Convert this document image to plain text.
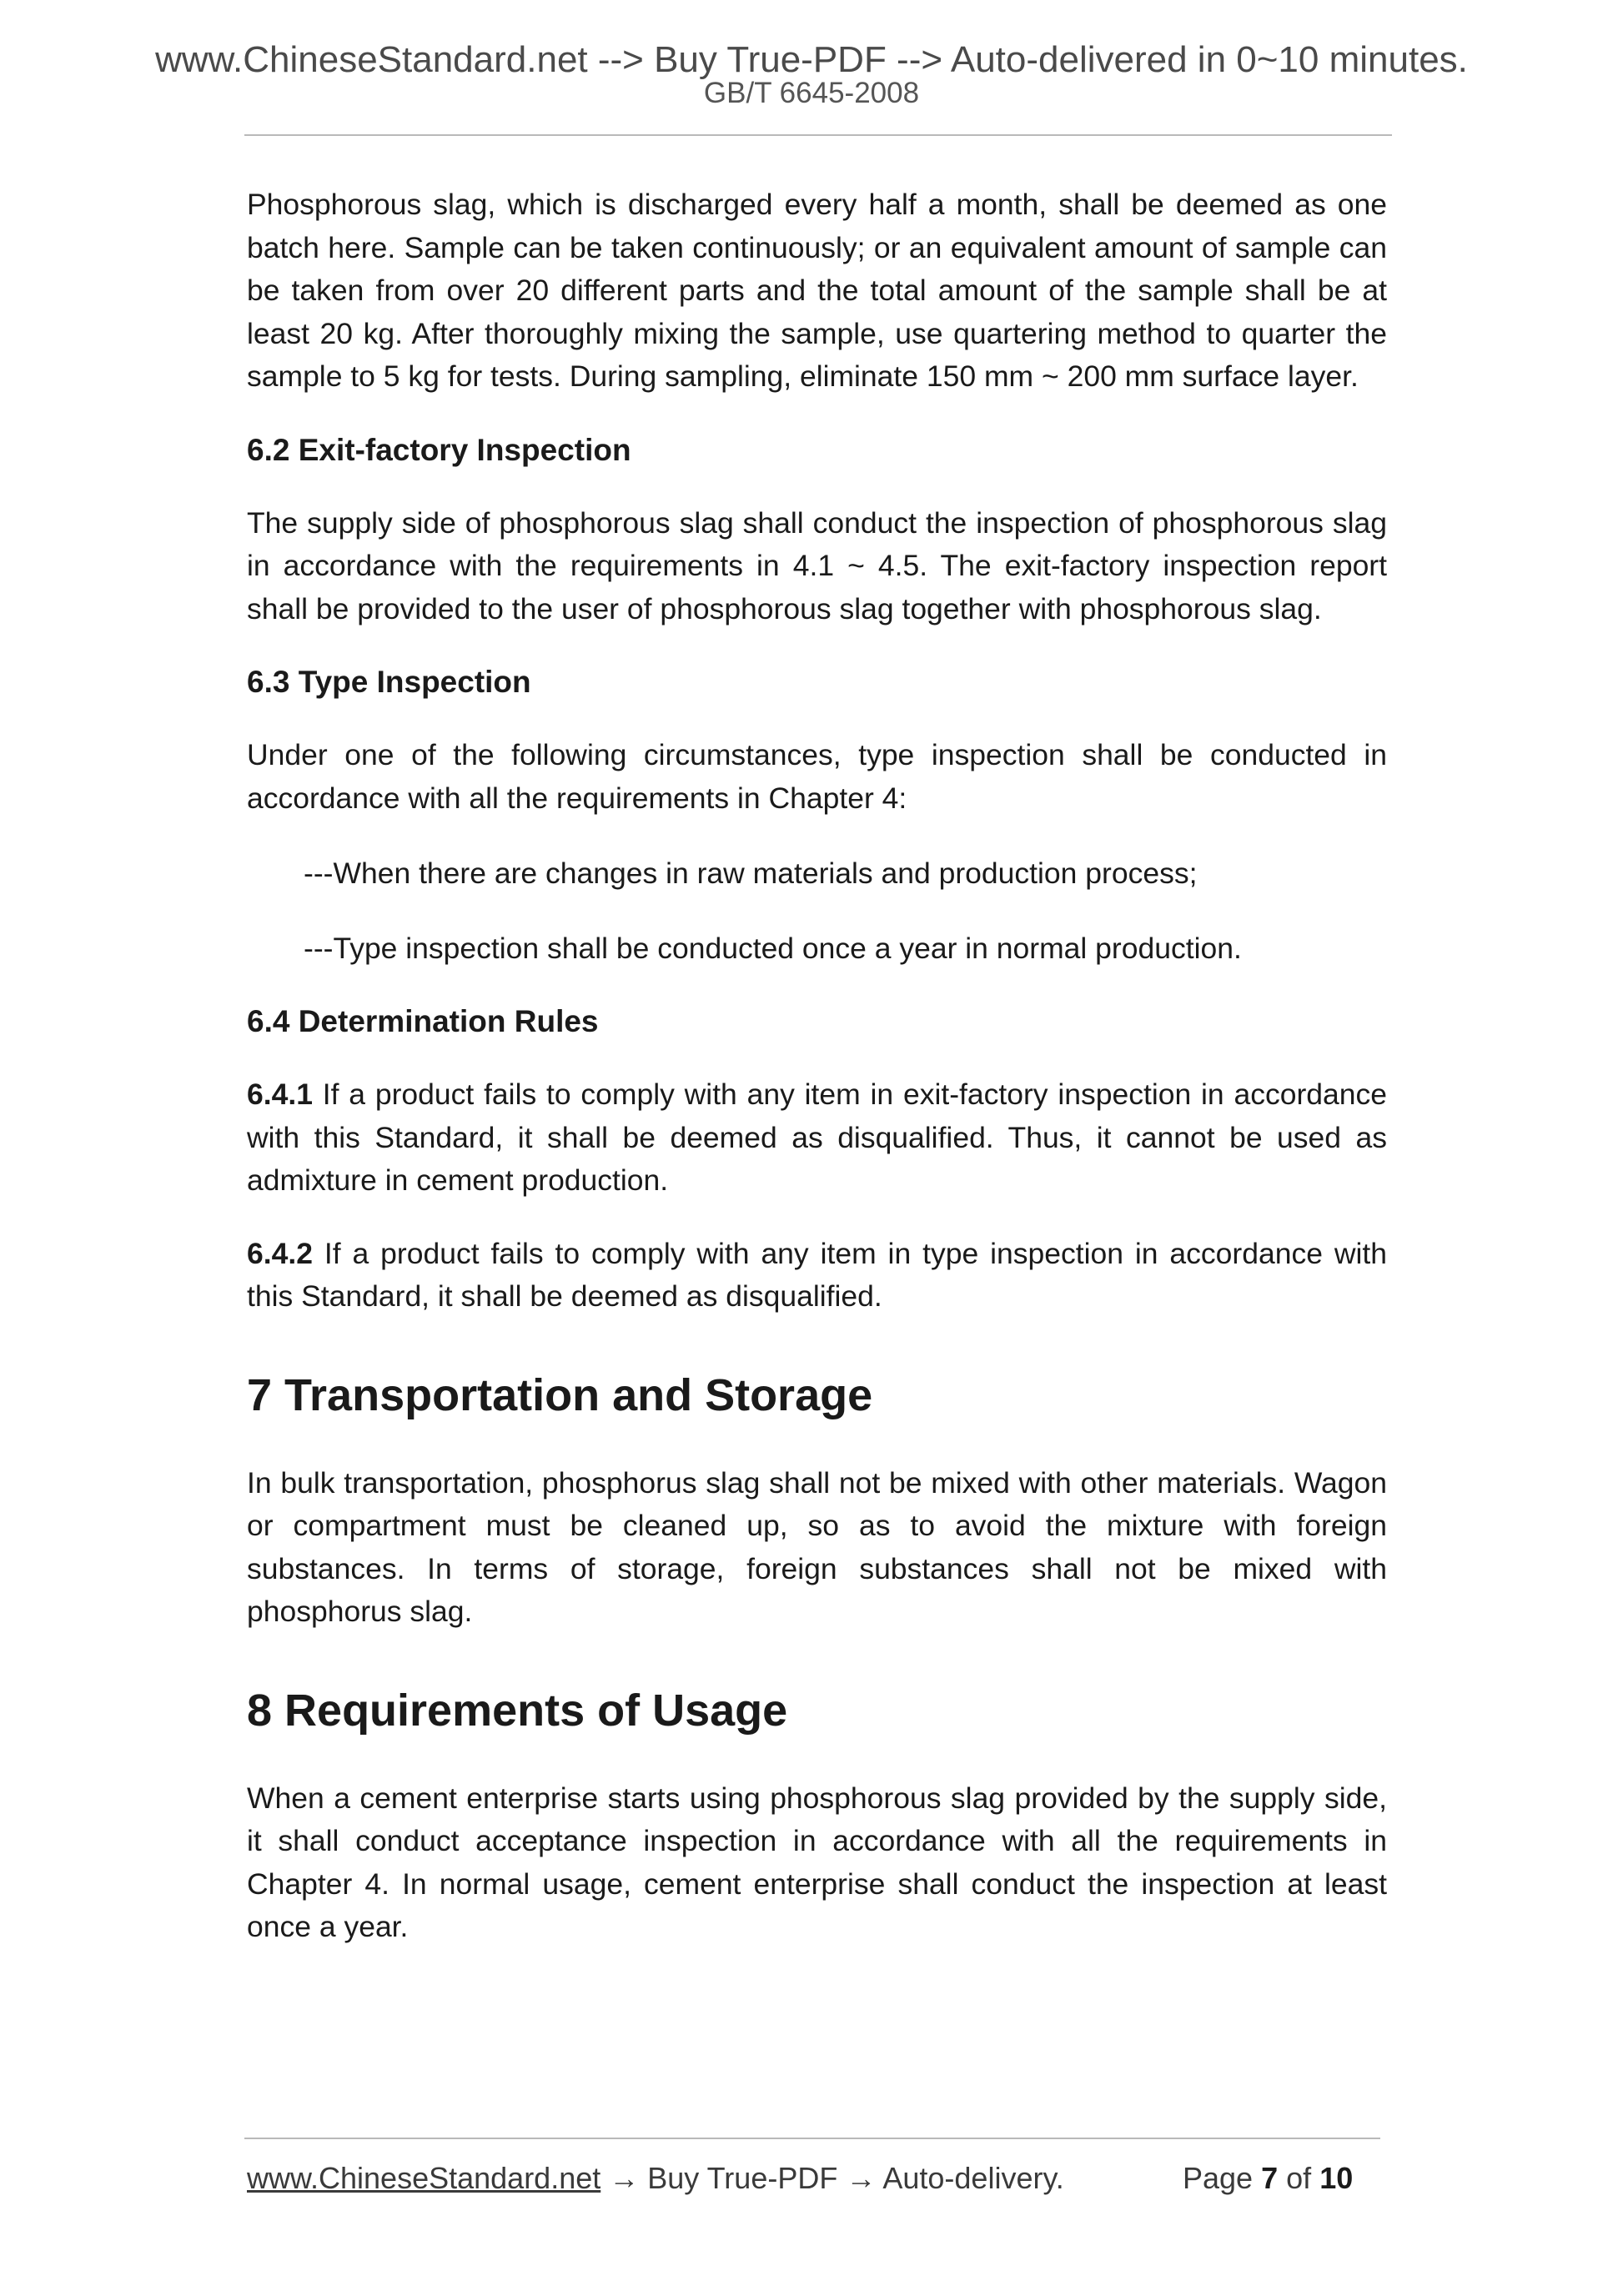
www.ChineseStandard.net --> Buy True-PDF --> Auto-delivered in 0~10 minutes.
GB/T 6645-2008

Phosphorous slag, which is discharged every half a month, shall be deemed as one batch here. Sample can be taken continuously; or an equivalent amount of sample can be taken from over 20 different parts and the total amount of the sample shall be at least 20 kg. After thoroughly mixing the sample, use quartering method to quarter the sample to 5 kg for tests. During sampling, eliminate 150 mm ~ 200 mm surface layer.

6.2 Exit-factory Inspection

The supply side of phosphorous slag shall conduct the inspection of phosphorous slag in accordance with the requirements in 4.1 ~ 4.5. The exit-factory inspection report shall be provided to the user of phosphorous slag together with phosphorous slag.

6.3 Type Inspection

Under one of the following circumstances, type inspection shall be conducted in accordance with all the requirements in Chapter 4:

---When there are changes in raw materials and production process;
---Type inspection shall be conducted once a year in normal production.
6.4 Determination Rules

6.4.1 If a product fails to comply with any item in exit-factory inspection in accordance with this Standard, it shall be deemed as disqualified. Thus, it cannot be used as admixture in cement production.

6.4.2 If a product fails to comply with any item in type inspection in accordance with this Standard, it shall be deemed as disqualified.

7 Transportation and Storage

In bulk transportation, phosphorus slag shall not be mixed with other materials. Wagon or compartment must be cleaned up, so as to avoid the mixture with foreign substances. In terms of storage, foreign substances shall not be mixed with phosphorus slag.

8 Requirements of Usage

When a cement enterprise starts using phosphorous slag provided by the supply side, it shall conduct acceptance inspection in accordance with all the requirements in Chapter 4. In normal usage, cement enterprise shall conduct the inspection at least once a year.

www.ChineseStandard.net → Buy True-PDF → Auto-delivery.	Page 7 of 10
